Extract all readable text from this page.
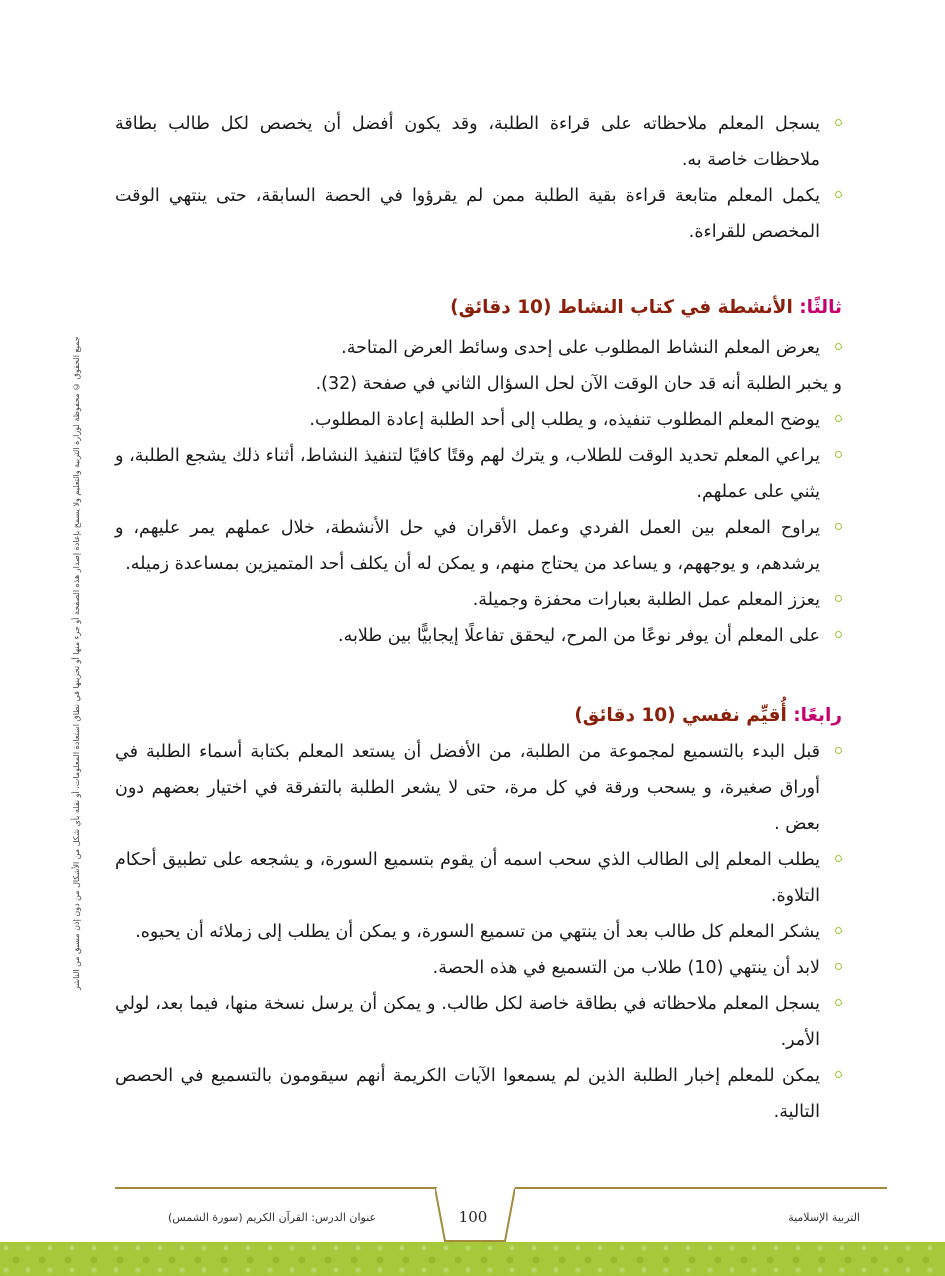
جميع الحقوق © محفوظة لوزارة التربية والتعليم ولا يسمح بإعادة إصدار هذه الصفحة أو جزء منها أو تخزينها في نطاق استعادة المعلومات، أو نقله بأي شكل من الأشكال من دون إذن مسبق من الناشر

يسجل المعلم ملاحظاته على قراءة الطلبة، وقد يكون أفضل أن يخصص لكل طالب بطاقة ملاحظات خاصة به.

يكمل المعلم متابعة قراءة بقية الطلبة ممن لم يقرؤوا في الحصة السابقة، حتى ينتهي الوقت المخصص للقراءة.

ثالثًا: الأنشطة في كتاب النشاط (10 دقائق)

يعرض المعلم النشاط المطلوب على إحدى وسائط العرض المتاحة.

و يخبر الطلبة أنه قد حان الوقت الآن لحل السؤال الثاني في صفحة (32).

يوضح المعلم المطلوب تنفيذه، و يطلب إلى أحد الطلبة إعادة المطلوب.

يراعي المعلم تحديد الوقت للطلاب، و يترك لهم وقتًا كافيًا لتنفيذ النشاط، أثناء ذلك يشجع الطلبة، و يثني على عملهم.

يراوح المعلم بين العمل الفردي وعمل الأقران في حل الأنشطة، خلال عملهم يمر عليهم، و يرشدهم، و يوجههم، و يساعد من يحتاج منهم، و يمكن له أن يكلف أحد المتميزين بمساعدة زميله.

يعزز المعلم عمل الطلبة بعبارات محفزة وجميلة.

على المعلم أن يوفر نوعًا من المرح، ليحقق تفاعلًا إيجابيًّا بين طلابه.

رابعًا: أُقيِّم نفسي (10 دقائق)

قبل البدء بالتسميع لمجموعة من الطلبة، من الأفضل أن يستعد المعلم بكتابة أسماء الطلبة في أوراق صغيرة، و يسحب ورقة في كل مرة، حتى لا يشعر الطلبة بالتفرقة في اختيار بعضهم دون بعض .

يطلب المعلم إلى الطالب الذي سحب اسمه أن يقوم بتسميع السورة، و يشجعه على تطبيق أحكام التلاوة.

يشكر المعلم كل طالب بعد أن ينتهي من تسميع السورة، و يمكن أن يطلب إلى زملائه أن يحيوه.

لابد أن ينتهي (10) طلاب من التسميع في هذه الحصة.

يسجل المعلم ملاحظاته في بطاقة خاصة لكل طالب. و يمكن أن يرسل نسخة منها، فيما بعد، لولي الأمر.

يمكن للمعلم إخبار الطلبة الذين لم يسمعوا الآيات الكريمة أنهم سيقومون بالتسميع في الحصص التالية.

100
عنوان الدرس: القرآن الكريم (سورة الشمس)	التربية الإسلامية
